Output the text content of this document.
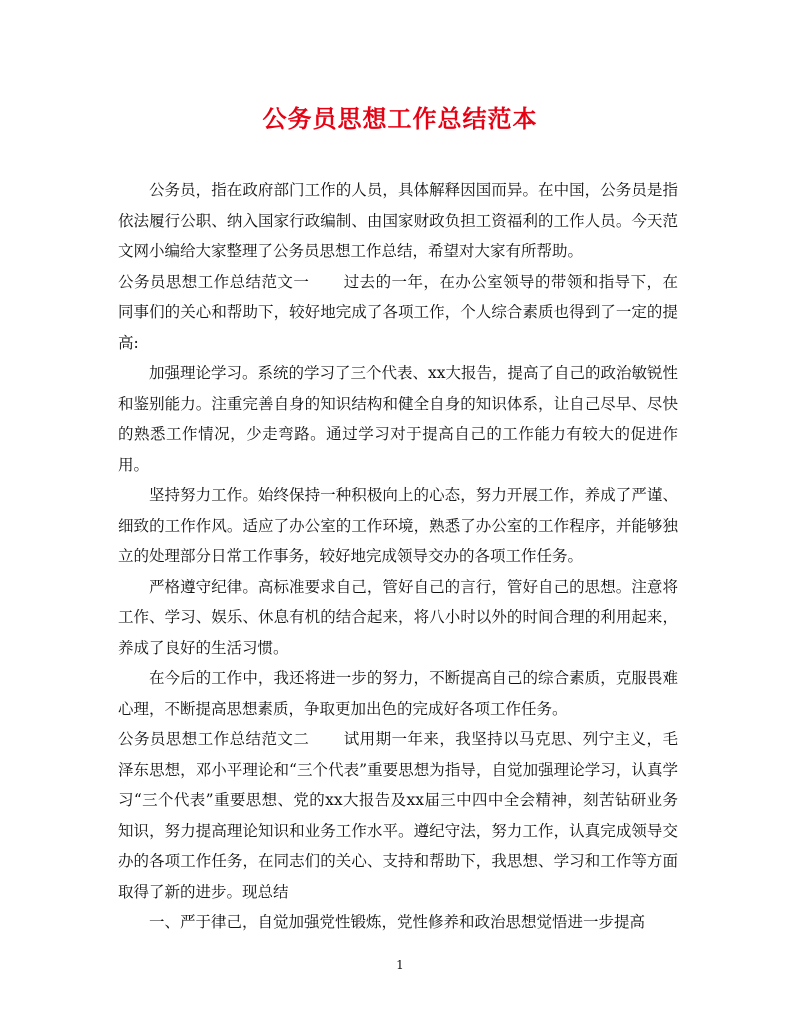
公务员思想工作总结范本

公务员，指在政府部门工作的人员，具体解释因国而异。在中国，公务员是指依法履行公职、纳入国家行政编制、由国家财政负担工资福利的工作人员。今天范文网小编给大家整理了公务员思想工作总结，希望对大家有所帮助。

公务员思想工作总结范文一 过去的一年，在办公室领导的带领和指导下，在同事们的关心和帮助下，较好地完成了各项工作，个人综合素质也得到了一定的提高:

加强理论学习。系统的学习了三个代表、xx大报告，提高了自己的政治敏锐性和鉴别能力。注重完善自身的知识结构和健全自身的知识体系，让自己尽早、尽快的熟悉工作情况，少走弯路。通过学习对于提高自己的工作能力有较大的促进作用。

坚持努力工作。始终保持一种积极向上的心态，努力开展工作，养成了严谨、细致的工作作风。适应了办公室的工作环境，熟悉了办公室的工作程序，并能够独立的处理部分日常工作事务，较好地完成领导交办的各项工作任务。

严格遵守纪律。高标准要求自己，管好自己的言行，管好自己的思想。注意将工作、学习、娱乐、休息有机的结合起来，将八小时以外的时间合理的利用起来，养成了良好的生活习惯。

在今后的工作中，我还将进一步的努力，不断提高自己的综合素质，克服畏难心理，不断提高思想素质，争取更加出色的完成好各项工作任务。

公务员思想工作总结范文二 试用期一年来，我坚持以马克思、列宁主义，毛泽东思想，邓小平理论和“三个代表”重要思想为指导，自觉加强理论学习，认真学习“三个代表”重要思想、党的xx大报告及xx届三中四中全会精神，刻苦钻研业务知识，努力提高理论知识和业务工作水平。遵纪守法，努力工作，认真完成领导交办的各项工作任务，在同志们的关心、支持和帮助下，我思想、学习和工作等方面取得了新的进步。现总结

一、严于律己，自觉加强党性锻炼，党性修养和政治思想觉悟进一步提高

1
